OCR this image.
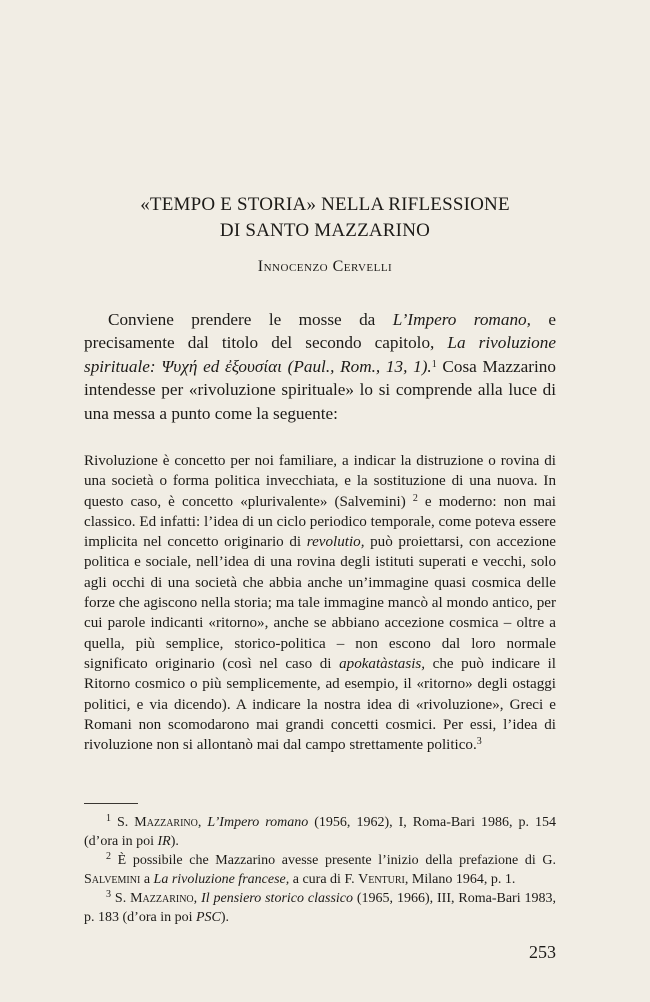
«TEMPO E STORIA» NELLA RIFLESSIONE
DI SANTO MAZZARINO
Innocenzo Cervelli

Conviene prendere le mosse da L’Impero romano, e precisamente dal titolo del secondo capitolo, La rivoluzione spirituale: Ψυχή ed ἐξουσίαι (Paul., Rom., 13, 1).$^1$ Cosa Mazzarino intendesse per «rivoluzione spirituale» lo si comprende alla luce di una messa a punto come la seguente:

Rivoluzione è concetto per noi familiare, a indicar la distruzione o rovina di una società o forma politica invecchiata, e la sostituzione di una nuova. In questo caso, è concetto «plurivalente» (Salvemini) $^2$ e moderno: non mai classico. Ed infatti: l’idea di un ciclo periodico temporale, come poteva essere implicita nel concetto originario di revolutio, può proiettarsi, con accezione politica e sociale, nell’idea di una rovina degli istituti superati e vecchi, solo agli occhi di una società che abbia anche un’immagine quasi cosmica delle forze che agiscono nella storia; ma tale immagine mancò al mondo antico, per cui parole indicanti «ritorno», anche se abbiano accezione cosmica – oltre a quella, più semplice, storico-politica – non escono dal loro normale significato originario (così nel caso di apokatàstasis, che può indicare il Ritorno cosmico o più semplicemente, ad esempio, il «ritorno» degli ostaggi politici, e via dicendo). A indicare la nostra idea di «rivoluzione», Greci e Romani non scomodarono mai grandi concetti cosmici. Per essi, l’idea di rivoluzione non si allontanò mai dal campo strettamente politico.$^3$

$^1$ S. Mazzarino, L’Impero romano (1956, 1962), I, Roma-Bari 1986, p. 154 (d’ora in poi IR).

$^2$ È possibile che Mazzarino avesse presente l’inizio della prefazione di G. Salvemini a La rivoluzione francese, a cura di F. Venturi, Milano 1964, p. 1.

$^3$ S. Mazzarino, Il pensiero storico classico (1965, 1966), III, Roma-Bari 1983, p. 183 (d’ora in poi PSC).

253
